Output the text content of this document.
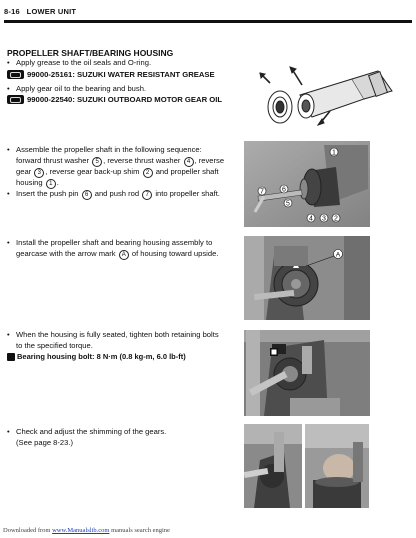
8-16 LOWER UNIT
PROPELLER SHAFT/BEARING HOUSING
• Apply grease to the oil seals and O-ring.
99000-25161: SUZUKI WATER RESISTANT GREASE
• Apply gear oil to the bearing and bush.
99000-22540: SUZUKI OUTBOARD MOTOR GEAR OIL
• Assemble the propeller shaft in the following sequence:
forward thrust washer 5 , reverse thrust washer 4 , reverse
gear 3 , reverse gear back-up shim 2 and propeller shaft
housing 1 .
• Insert the push pin 6 and push rod 7 into propeller shaft.
1
6
5
4 3 2
7
• Install the propeller shaft and bearing housing assembly to
gearcase with the arrow mark A of housing toward upside.	A
• When the housing is fully seated, tighten both retaining bolts
to the specified torque.
Bearing housing bolt: 8 N·m (0.8 kg-m, 6.0 lb-ft)
• Check and adjust the shimming of the gears.
(See page 8-23.)
Downloaded from www.Manualslib.com manuals search engine
